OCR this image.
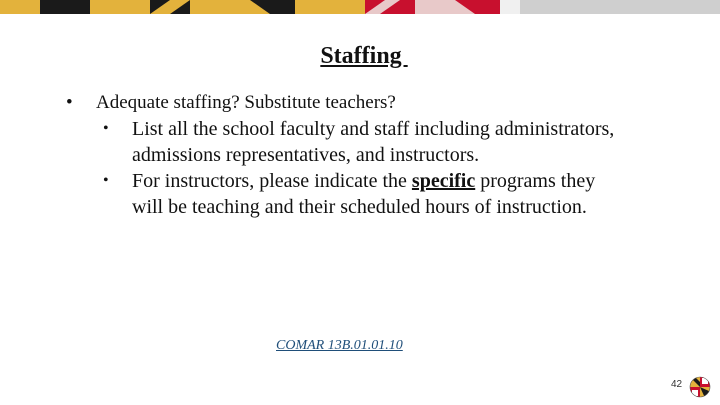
Staffing
•	Adequate staffing? Substitute teachers?
• List all the school faculty and staff including administrators, admissions representatives, and instructors.
• For instructors, please indicate the specific programs they will be teaching and their scheduled hours of instruction.
COMAR 13B.01.01.10
42
